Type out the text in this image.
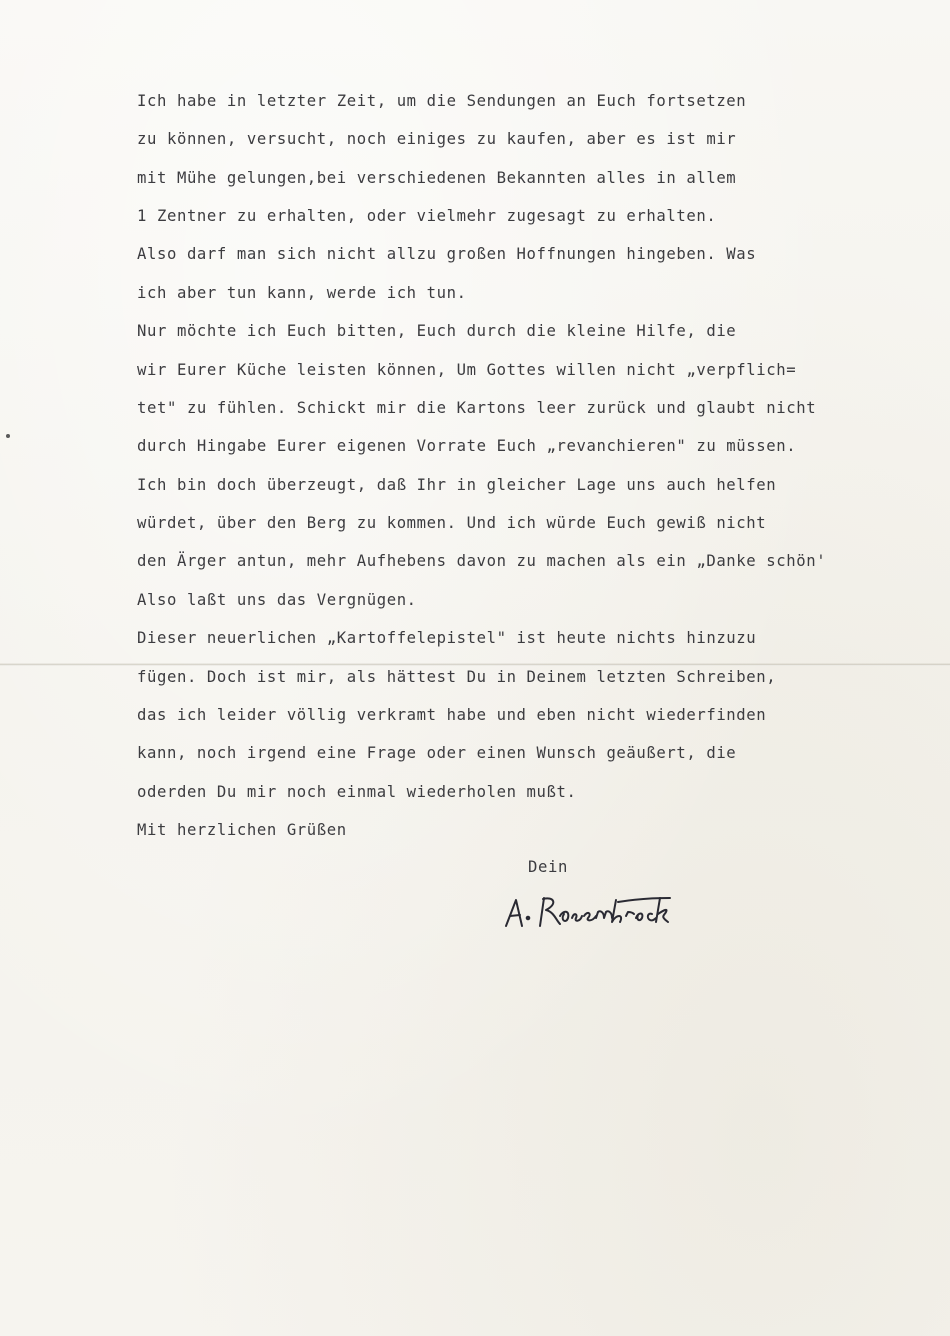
Ich habe in letzter Zeit, um die Sendungen an Euch fortsetzen

zu können, versucht, noch einiges zu kaufen, aber es ist mir

mit Mühe gelungen,bei verschiedenen Bekannten alles in allem

1 Zentner zu erhalten, oder vielmehr zugesagt zu erhalten.

Also darf man sich nicht allzu großen Hoffnungen hingeben. Was

ich aber tun kann, werde ich tun.

Nur möchte ich Euch bitten, Euch durch die kleine Hilfe, die

wir Eurer Küche leisten können, Um Gottes willen nicht „verpflich=

tet" zu fühlen. Schickt mir die Kartons leer zurück und glaubt nicht

durch Hingabe Eurer eigenen Vorrate Euch „revanchieren" zu müssen.

Ich bin doch überzeugt, daß Ihr in gleicher Lage uns auch helfen

würdet, über den Berg zu kommen. Und ich würde Euch gewiß nicht

den Ärger antun, mehr Aufhebens davon zu machen als ein „Danke schön'

Also laßt uns das Vergnügen.

Dieser neuerlichen „Kartoffelepistel" ist heute nichts hinzuzu

fügen. Doch ist mir, als hättest Du in Deinem letzten Schreiben,

das ich leider völlig verkramt habe und eben nicht wiederfinden

kann, noch irgend eine Frage oder einen Wunsch geäußert, die

oderden Du mir noch einmal wiederholen mußt.

Mit herzlichen Grüßen

Dein
